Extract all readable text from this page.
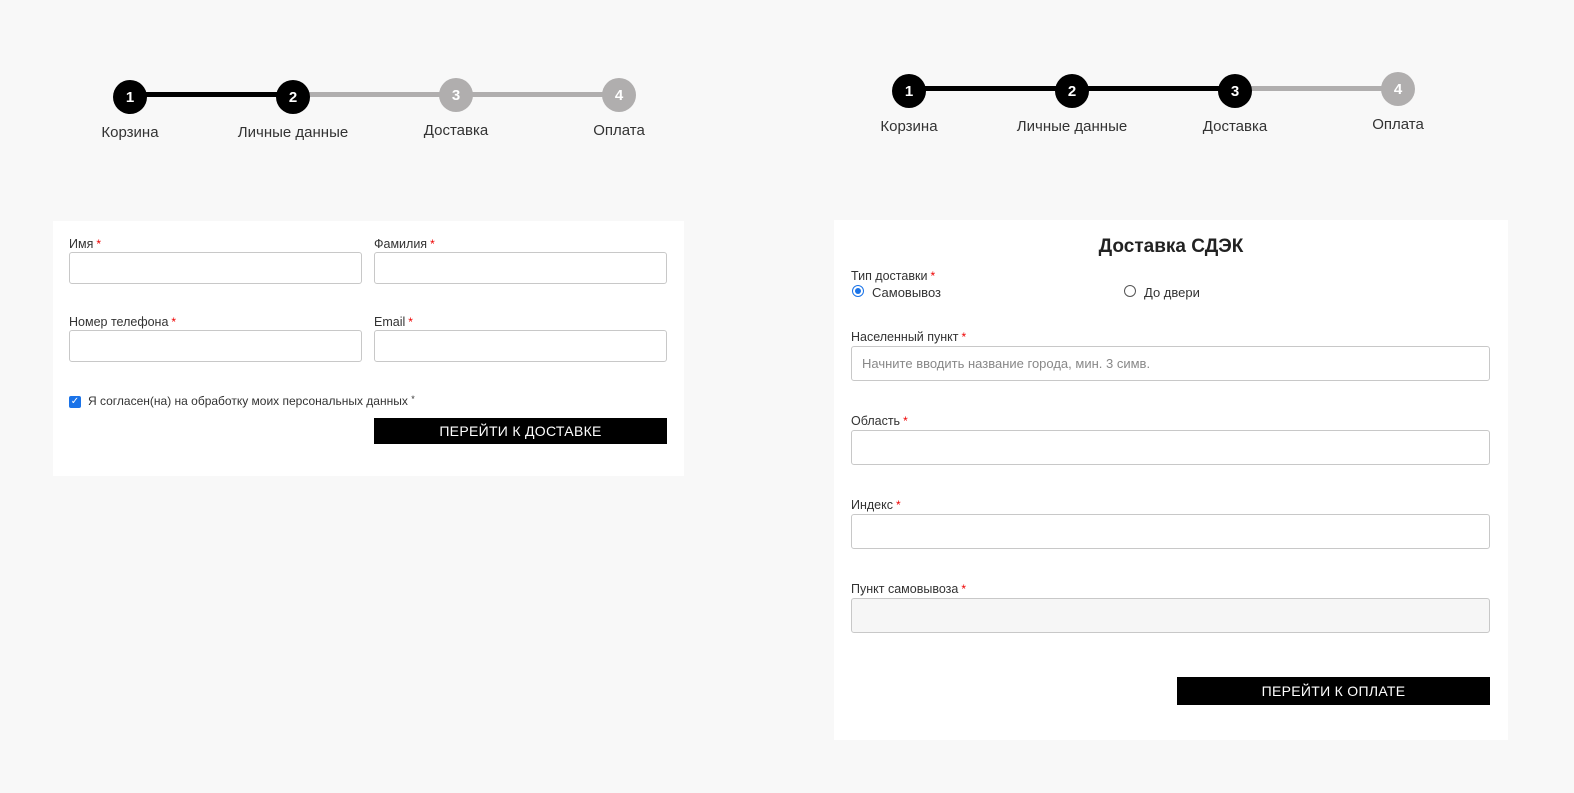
1
Корзина
2
Личные данные
3
Доставка
4
Оплата
Имя *	Фамилия *
Номер телефона *	Email *
✓ Я согласен(на) на обработку моих персональных данных *
ПЕРЕЙТИ К ДОСТАВКЕ
1
Корзина
2
Личные данные
3
Доставка
4
Оплата
Доставка СДЭК
Тип доставки *
Самовывоз	До двери
Населенный пункт *
Начните вводить название города, мин. 3 симв.
Область *
Индекс *
Пункт самовывоза *
ПЕРЕЙТИ К ОПЛАТЕ
